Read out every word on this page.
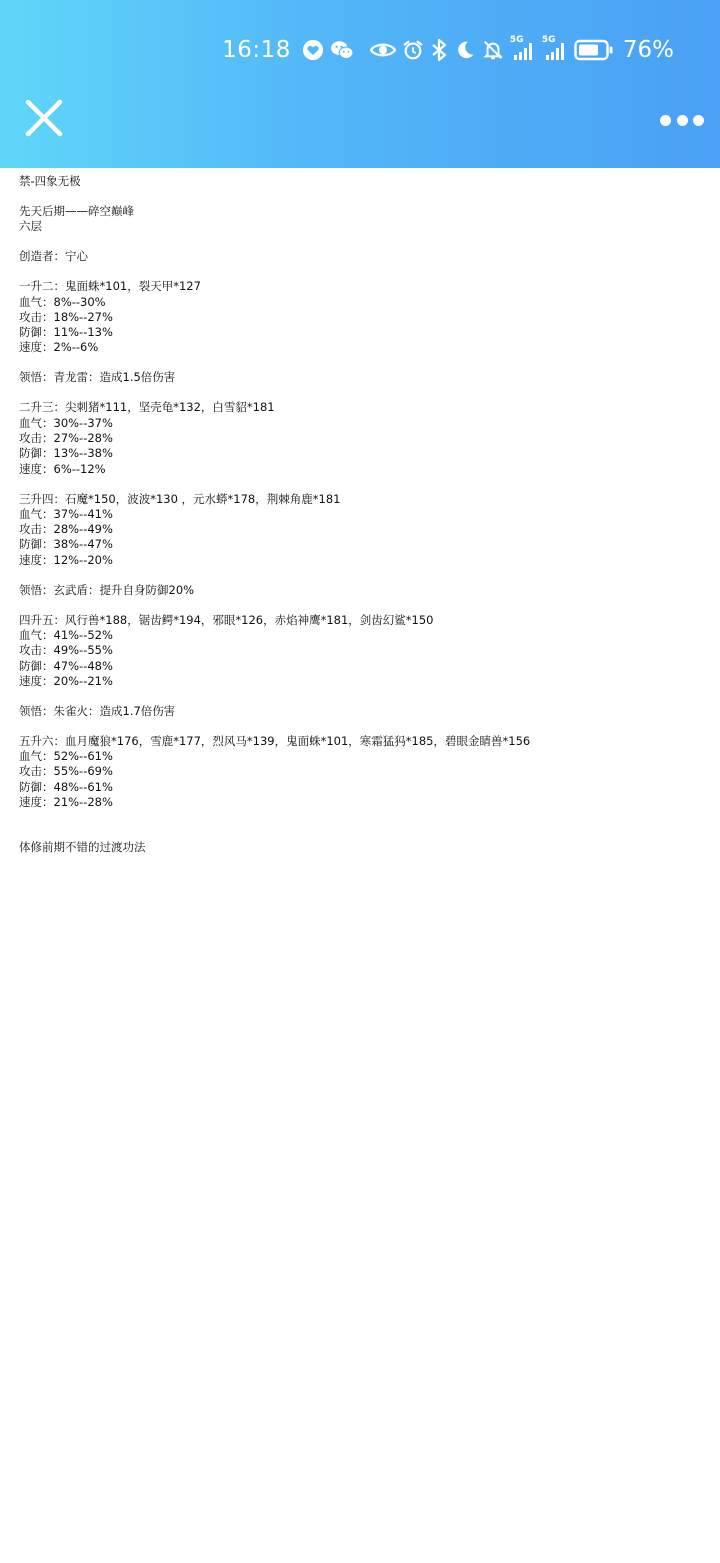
16:18	5G 5G	76%
禁-四象无极
先天后期——碎空巅峰
六层
创造者：宁心
一升二：鬼面蛛*101，裂天甲*127
血气：8%--30%
攻击：18%--27%
防御：11%--13%
速度：2%--6%
领悟：青龙雷：造成1.5倍伤害
二升三：尖刺猪*111，坚壳龟*132，白雪貂*181
血气：30%--37%
攻击：27%--28%
防御：13%--38%
速度：6%--12%
三升四：石魔*150，波波*130 ，元水蟒*178，荆棘角鹿*181
血气：37%--41%
攻击：28%--49%
防御：38%--47%
速度：12%--20%
领悟：玄武盾：提升自身防御20%
四升五：风行兽*188，锯齿鳄*194，邪眼*126，赤焰神鹰*181，剑齿幻鲨*150
血气：41%--52%
攻击：49%--55%
防御：47%--48%
速度：20%--21%
领悟：朱雀火：造成1.7倍伤害
五升六：血月魔狼*176，雪鹿*177，烈风马*139，鬼面蛛*101，寒霜猛犸*185，碧眼金睛兽*156
血气：52%--61%
攻击：55%--69%
防御：48%--61%
速度：21%--28%
体修前期不错的过渡功法
